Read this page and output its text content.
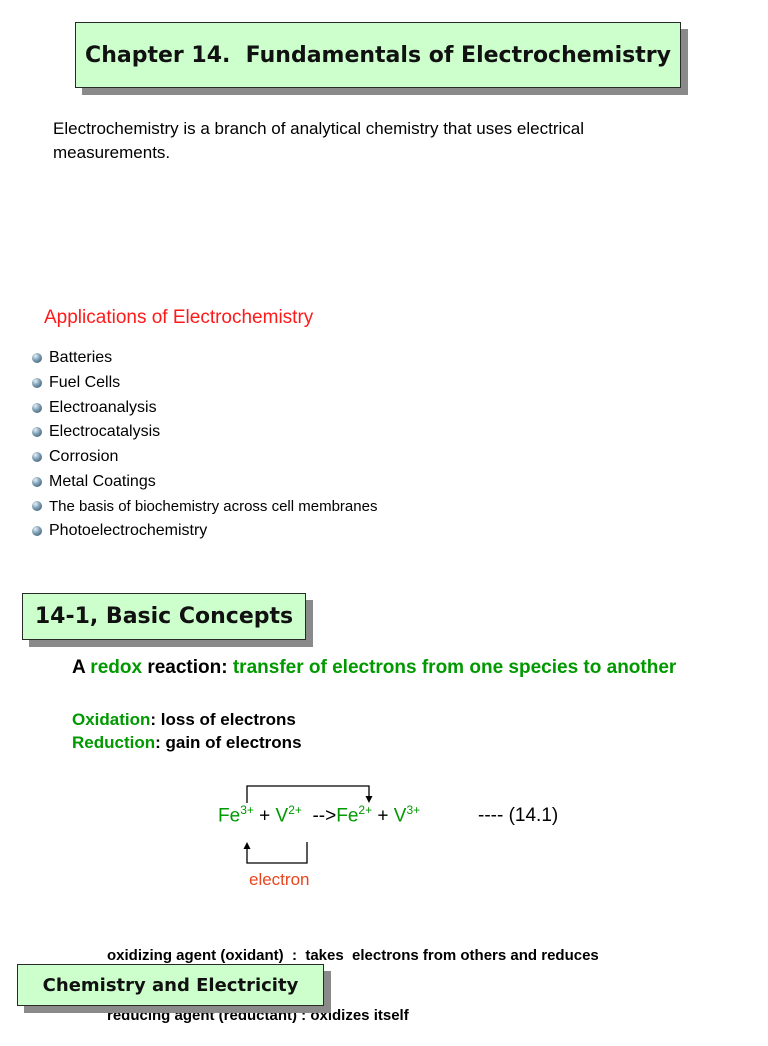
Chapter 14.  Fundamentals of Electrochemistry
Electrochemistry is a branch of analytical chemistry that uses electrical measurements.
Applications of Electrochemistry
Batteries
Fuel Cells
Electroanalysis
Electrocatalysis
Corrosion
Metal Coatings
The basis of biochemistry across cell membranes
Photoelectrochemistry
14-1, Basic Concepts
A redox reaction: transfer of electrons from one species to another
Oxidation: loss of electrons
Reduction: gain of electrons
$Fe^{3+} + V^{2+}$  $-->Fe^{2+} + V^{3+}$	---- (14.1)
electron

oxidizing agent (oxidant)  :  takes  electrons from others and reduces

reducing agent (reductant) : oxidizes itself

Chemistry and Electricity
